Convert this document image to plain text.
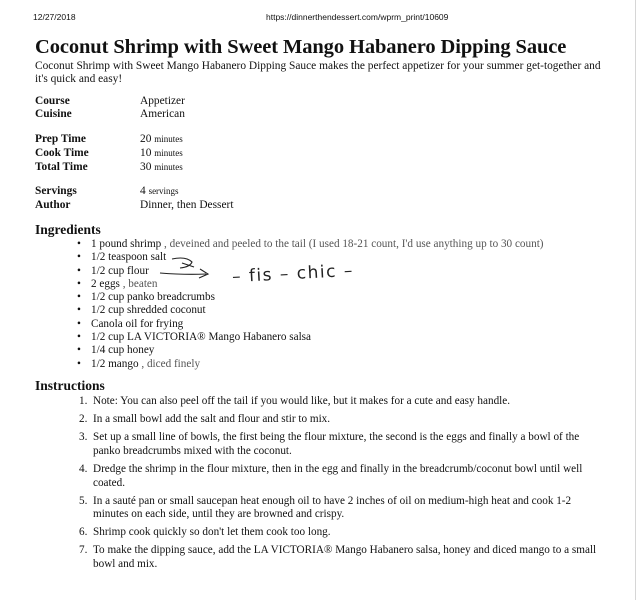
12/27/2018	https://dinnerthendessert.com/wprm_print/10609
Coconut Shrimp with Sweet Mango Habanero Dipping Sauce

Coconut Shrimp with Sweet Mango Habanero Dipping Sauce makes the perfect appetizer for your summer get-together and it's quick and easy!

Course	Appetizer
Cuisine	American
Prep Time	20 minutes
Cook Time	10 minutes
Total Time	30 minutes
Servings	4 servings
Author	Dinner, then Dessert
Ingredients
• 1 pound shrimp , deveined and peeled to the tail (I used 18-21 count, I'd use anything up to 30 count)
• 1/2 teaspoon salt
• 1/2 cup flour
• 2 eggs , beaten
• 1/2 cup panko breadcrumbs
• 1/2 cup shredded coconut
• Canola oil for frying
• 1/2 cup LA VICTORIA® Mango Habanero salsa
• 1/4 cup honey
• 1/2 mango , diced finely
– fis – chic –
Instructions
1. Note: You can also peel off the tail if you would like, but it makes for a cute and easy handle.
2. In a small bowl add the salt and flour and stir to mix.
3. Set up a small line of bowls, the first being the flour mixture, the second is the eggs and finally a bowl of the panko breadcrumbs mixed with the coconut.
4. Dredge the shrimp in the flour mixture, then in the egg and finally in the breadcrumb/coconut bowl until well coated.
5. In a sauté pan or small saucepan heat enough oil to have 2 inches of oil on medium-high heat and cook 1-2 minutes on each side, until they are browned and crispy.
6. Shrimp cook quickly so don't let them cook too long.
7. To make the dipping sauce, add the LA VICTORIA® Mango Habanero salsa, honey and diced mango to a small bowl and mix.
